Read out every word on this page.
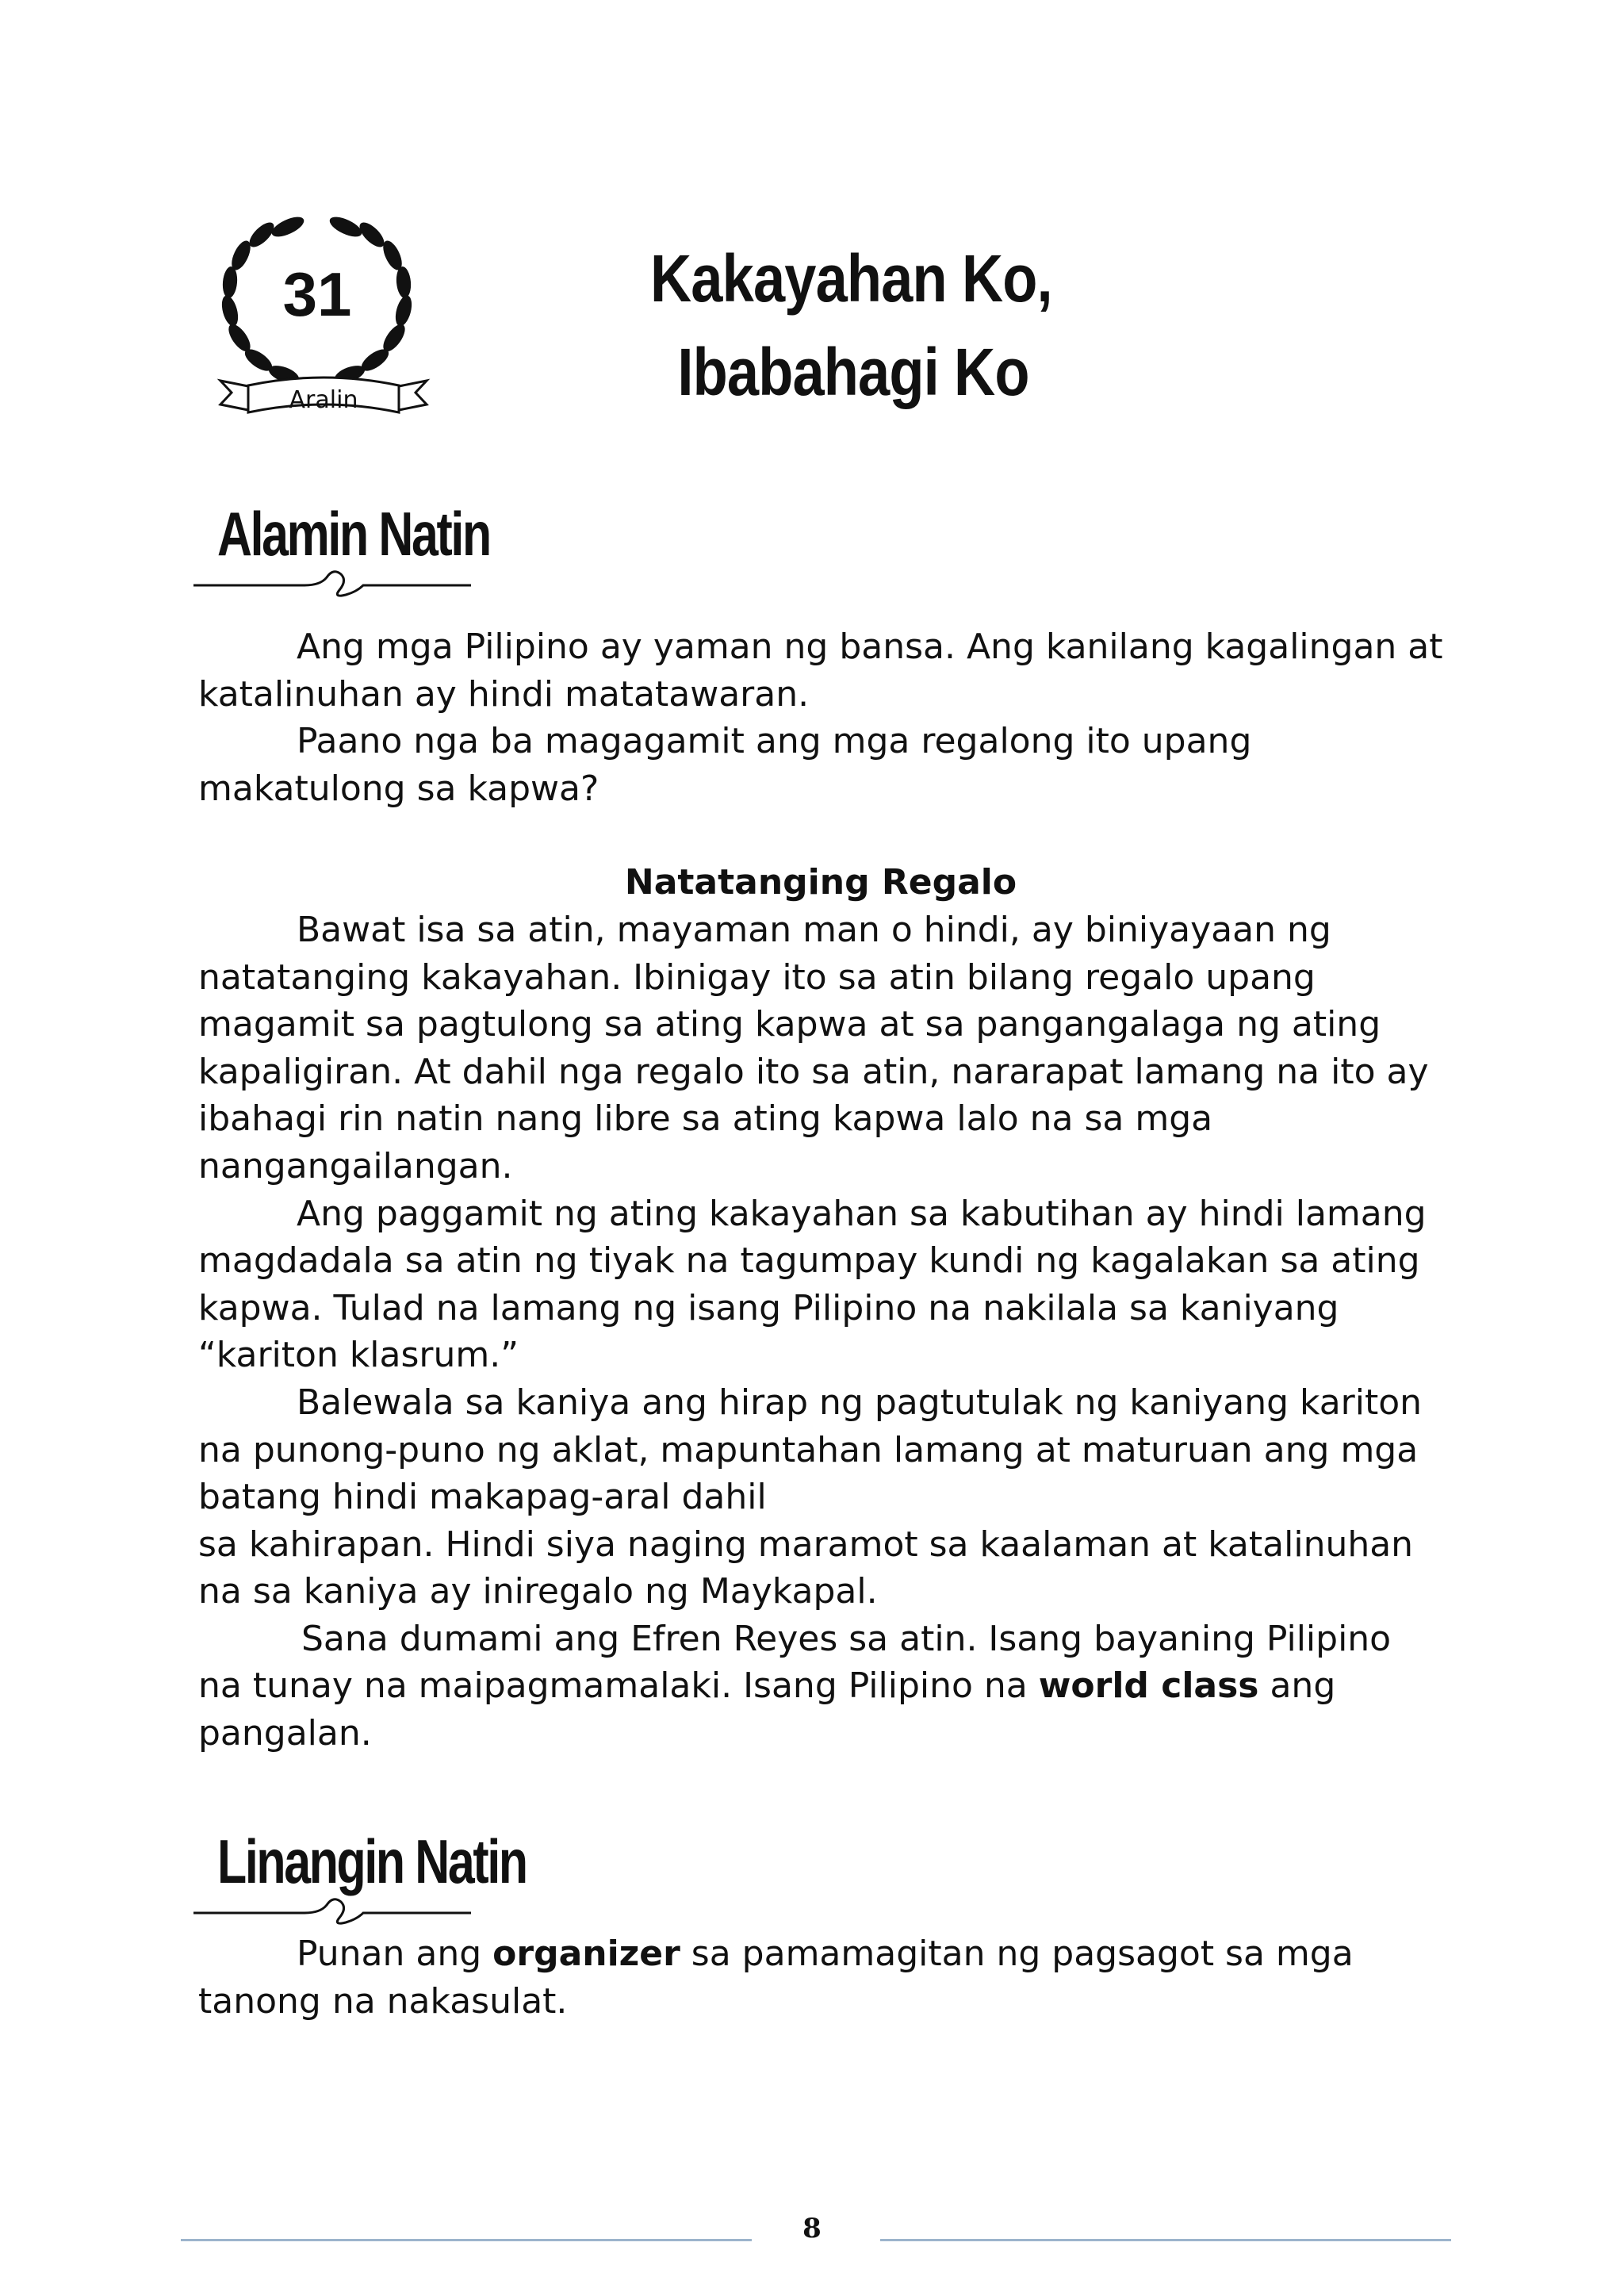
31
Aralin
Kakayahan Ko,
Ibabahagi Ko
Alamin Natin

Ang mga Pilipino ay yaman ng bansa. Ang kanilang kagalingan at katalinuhan ay hindi matatawaran.

Paano nga ba magagamit ang mga regalong ito upang makatulong sa kapwa?

Natatanging Regalo

Bawat isa sa atin, mayaman man o hindi, ay biniyayaan ng natatanging kakayahan. Ibinigay ito sa atin bilang regalo upang magamit sa pagtulong sa ating kapwa at sa pangangalaga ng ating kapaligiran. At dahil nga regalo ito sa atin, nararapat lamang na ito ay ibahagi rin natin nang libre sa ating kapwa lalo na sa mga nangangailangan.

Ang paggamit ng ating kakayahan sa kabutihan ay hindi lamang magdadala sa atin ng tiyak na tagumpay kundi ng kagalakan sa ating kapwa. Tulad na lamang ng isang Pilipino na nakilala sa kaniyang “kariton klasrum.”

Balewala sa kaniya ang hirap ng pagtutulak ng kaniyang kariton na punong-puno ng aklat, mapuntahan lamang at maturuan ang mga batang hindi makapag-aral dahil

sa kahirapan. Hindi siya naging maramot sa kaalaman at katalinuhan na sa kaniya ay iniregalo ng Maykapal.

Sana dumami ang Efren Reyes sa atin. Isang bayaning Pilipino na tunay na maipagmamalaki. Isang Pilipino na world class ang pangalan.

Linangin Natin

Punan ang organizer sa pamamagitan ng pagsagot sa mga tanong na nakasulat.

8
